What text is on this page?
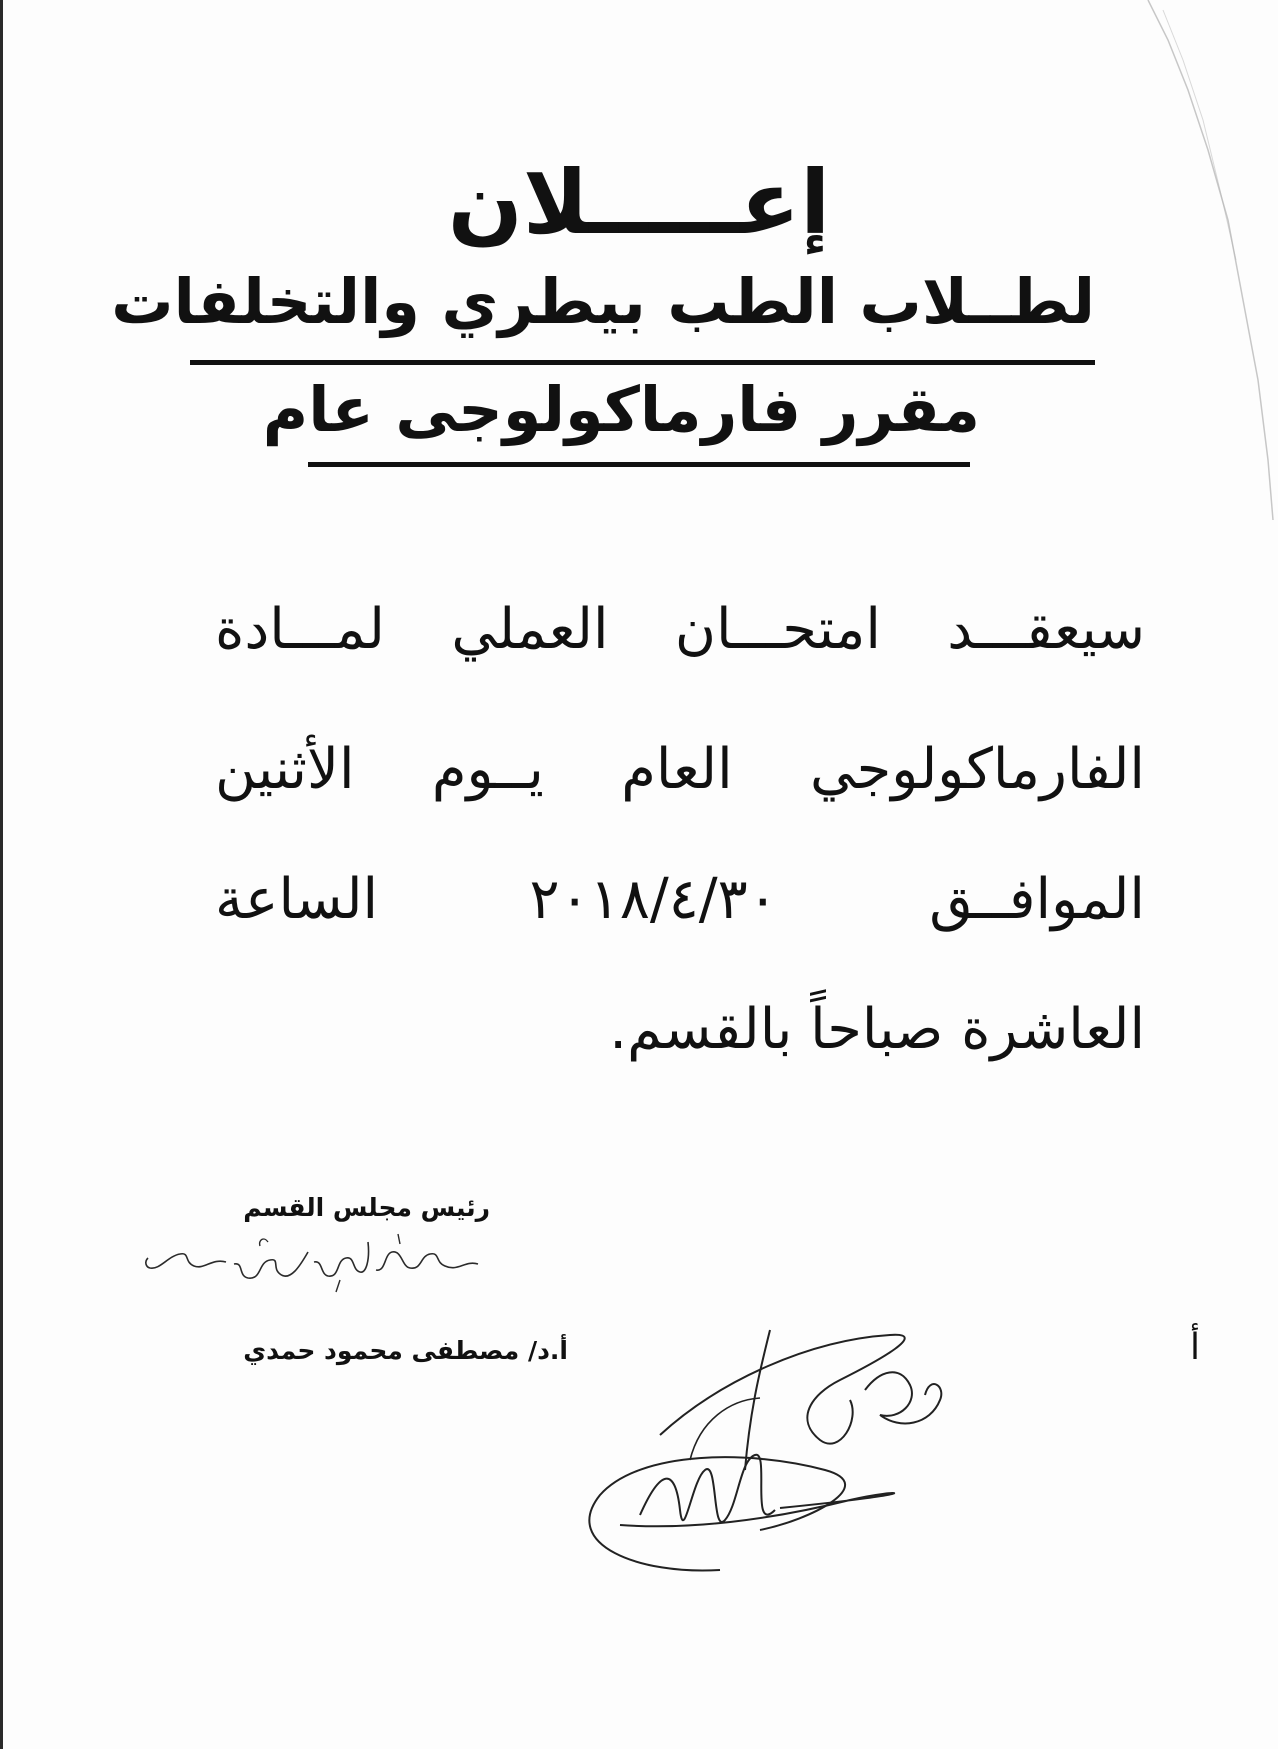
إعـــــلان
لطــلاب الطب بيطري والتخلفات
مقرر فارماكولوجى عام
سيعقـــد امتحـــان العملي لمـــادة
الفارماكولوجي العام يــوم الأثنين
الموافــق ٢٠١٨/٤/٣٠ الساعة
العاشرة صباحاً بالقسم.
رئيس مجلس القسم
أ.د/ مصطفى محمود حمدي	أ
